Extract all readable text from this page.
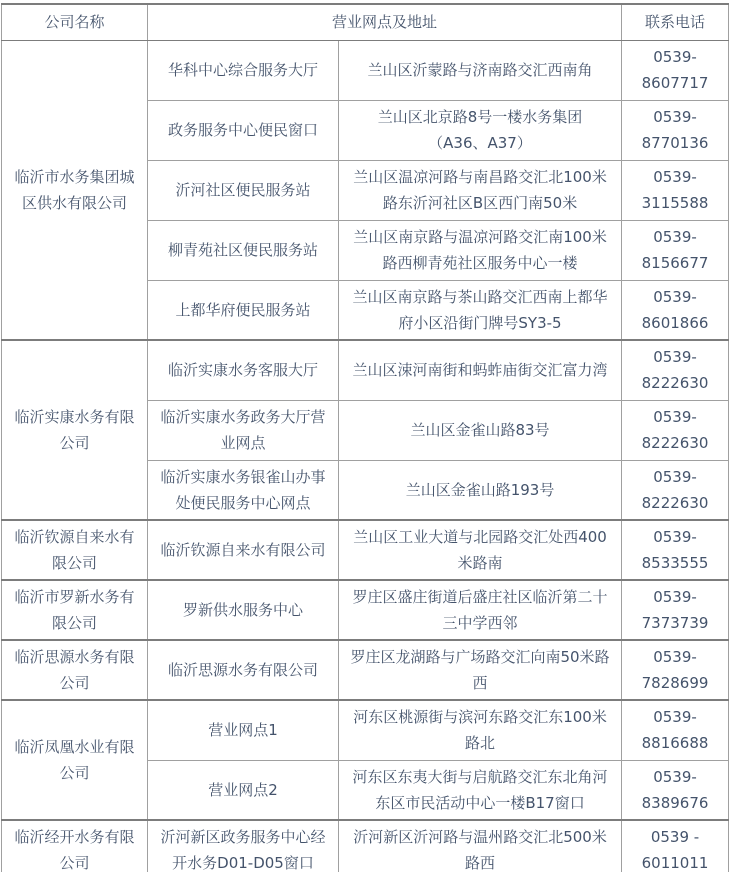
公司名称	营业网点及地址		联系电话
临沂市水务集团城区供水有限公司	华科中心综合服务大厅	兰山区沂蒙路与济南路交汇西南角	0539-8607717
	政务服务中心便民窗口	兰山区北京路8号一楼水务集团（A36、A37）	0539-8770136
	沂河社区便民服务站	兰山区温凉河路与南昌路交汇北100米路东沂河社区B区西门南50米	0539-3115588
	柳青苑社区便民服务站	兰山区南京路与温凉河路交汇南100米路西柳青苑社区服务中心一楼	0539-8156677
	上都华府便民服务站	兰山区南京路与茶山路交汇西南上都华府小区沿街门牌号SY3-5	0539-8601866
临沂实康水务有限公司	临沂实康水务客服大厅	兰山区涑河南街和蚂蚱庙街交汇富力湾	0539-8222630
	临沂实康水务政务大厅营业网点	兰山区金雀山路83号	0539-8222630
	临沂实康水务银雀山办事处便民服务中心网点	兰山区金雀山路193号	0539-8222630
临沂钦源自来水有限公司	临沂钦源自来水有限公司	兰山区工业大道与北园路交汇处西400米路南	0539-8533555
临沂市罗新水务有限公司	罗新供水服务中心	罗庄区盛庄街道后盛庄社区临沂第二十三中学西邻	0539-7373739
临沂思源水务有限公司	临沂思源水务有限公司	罗庄区龙湖路与广场路交汇向南50米路西	0539-7828699
临沂凤凰水业有限公司	营业网点1	河东区桃源街与滨河东路交汇东100米路北	0539-8816688
	营业网点2	河东区东夷大街与启航路交汇东北角河东区市民活动中心一楼B17窗口	0539-8389676
临沂经开水务有限公司	沂河新区政务服务中心经开水务D01-D05窗口	沂河新区沂河路与温州路交汇北500米路西	0539 - 6011011
